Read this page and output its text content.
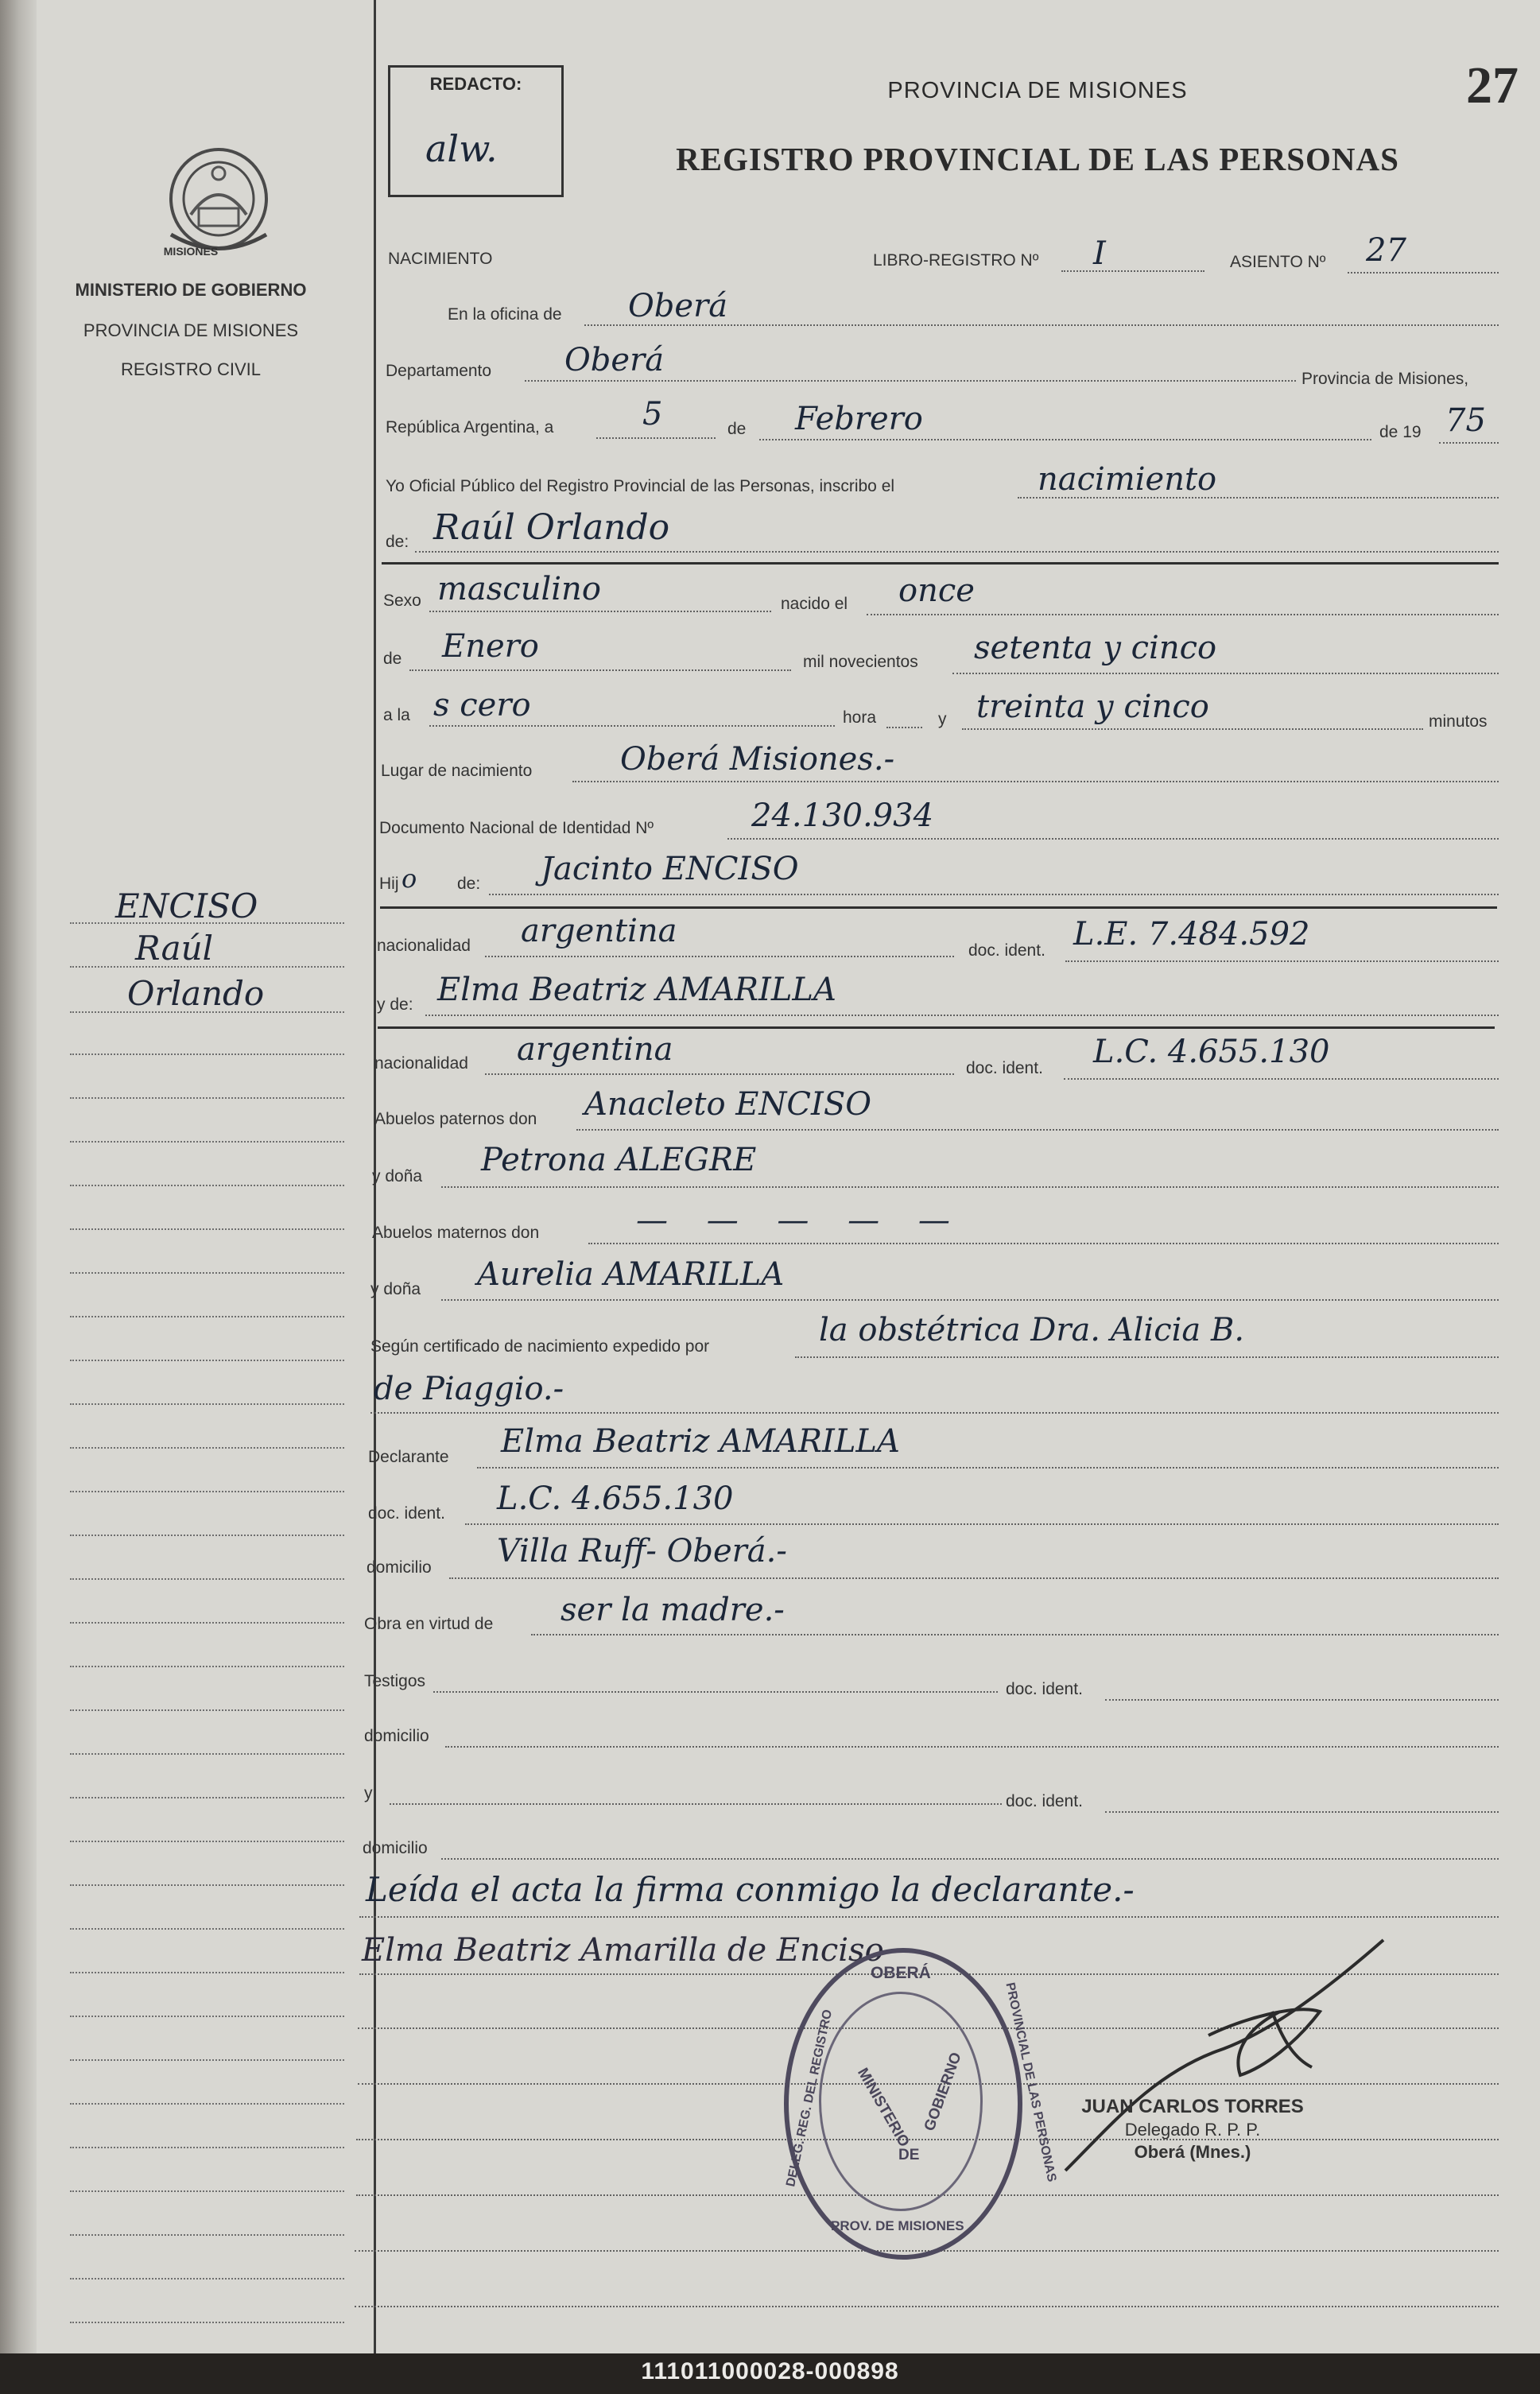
MISIONES
MINISTERIO DE GOBIERNO
PROVINCIA DE MISIONES
REGISTRO CIVIL
ENCISO
Raúl
Orlando
REDACTO:
alw.
PROVINCIA DE MISIONES
REGISTRO PROVINCIAL DE LAS PERSONAS
27
NACIMIENTO	LIBRO-REGISTRO Nº I	ASIENTO Nº 27
En la oficina de Oberá
Departamento Oberá
Provincia de Misiones,
República Argentina, a	5	de Febrero	de 19 75
Yo Oficial Público del Registro Provincial de las Personas, inscribo el	nacimiento
de: Raúl Orlando
Sexo masculino	nacido el once
de Enero	mil novecientos setenta y cinco
a la s cero	hora	y treinta y cinco	minutos
Lugar de nacimiento	Oberá Misiones.-
Documento Nacional de Identidad Nº	24.130.934
Hij o de: Jacinto ENCISO
nacionalidad argentina
doc. ident. L.E. 7.484.592
y de: Elma Beatriz AMARILLA
nacionalidad argentina
doc. ident. L.C. 4.655.130
Abuelos paternos don Anacleto ENCISO
y doña Petrona ALEGRE
Abuelos maternos don	— — — — —
y doña Aurelia AMARILLA
Según certificado de nacimiento expedido por	la obstétrica Dra. Alicia B.
de Piaggio.-
Declarante Elma Beatriz AMARILLA
doc. ident. L.C. 4.655.130
domicilio Villa Ruff- Oberá.-
Obra en virtud de ser la madre.-
Testigos	doc. ident.
domicilio
y	doc. ident.
domicilio
Leída el acta la firma conmigo la declarante.-
Elma Beatriz Amarilla de Enciso
OBERÁ
DELEG. REG. DEL REGISTRO	PROVINCIAL DE LAS PERSONAS
PROV. DE MISIONES
MINISTERIO
DE
GOBIERNO	JUAN CARLOS TORRES
Delegado R. P. P.
Oberá (Mnes.)
111011000028-000898
